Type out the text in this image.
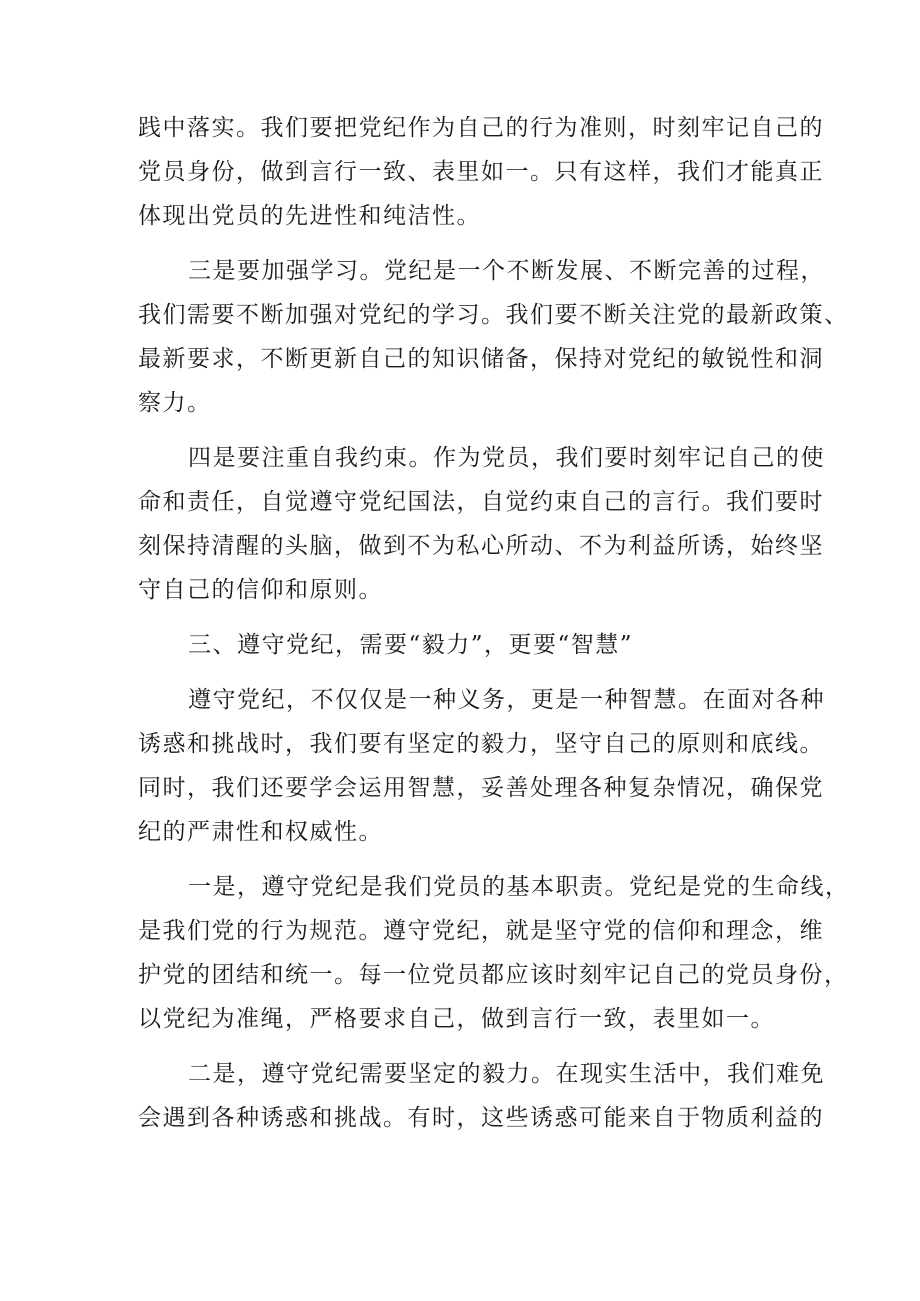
践中落实。我们要把党纪作为自己的行为准则，时刻牢记自己的
党员身份，做到言行一致、表里如一。只有这样，我们才能真正
体现出党员的先进性和纯洁性。
三是要加强学习。党纪是一个不断发展、不断完善的过程，
我们需要不断加强对党纪的学习。我们要不断关注党的最新政策、
最新要求，不断更新自己的知识储备，保持对党纪的敏锐性和洞
察力。
四是要注重自我约束。作为党员，我们要时刻牢记自己的使
命和责任，自觉遵守党纪国法，自觉约束自己的言行。我们要时
刻保持清醒的头脑，做到不为私心所动、不为利益所诱，始终坚
守自己的信仰和原则。
三、遵守党纪，需要“毅力”，更要“智慧”
遵守党纪，不仅仅是一种义务，更是一种智慧。在面对各种
诱惑和挑战时，我们要有坚定的毅力，坚守自己的原则和底线。
同时，我们还要学会运用智慧，妥善处理各种复杂情况，确保党
纪的严肃性和权威性。
一是，遵守党纪是我们党员的基本职责。党纪是党的生命线，
是我们党的行为规范。遵守党纪，就是坚守党的信仰和理念，维
护党的团结和统一。每一位党员都应该时刻牢记自己的党员身份，
以党纪为准绳，严格要求自己，做到言行一致，表里如一。
二是，遵守党纪需要坚定的毅力。在现实生活中，我们难免
会遇到各种诱惑和挑战。有时，这些诱惑可能来自于物质利益的
